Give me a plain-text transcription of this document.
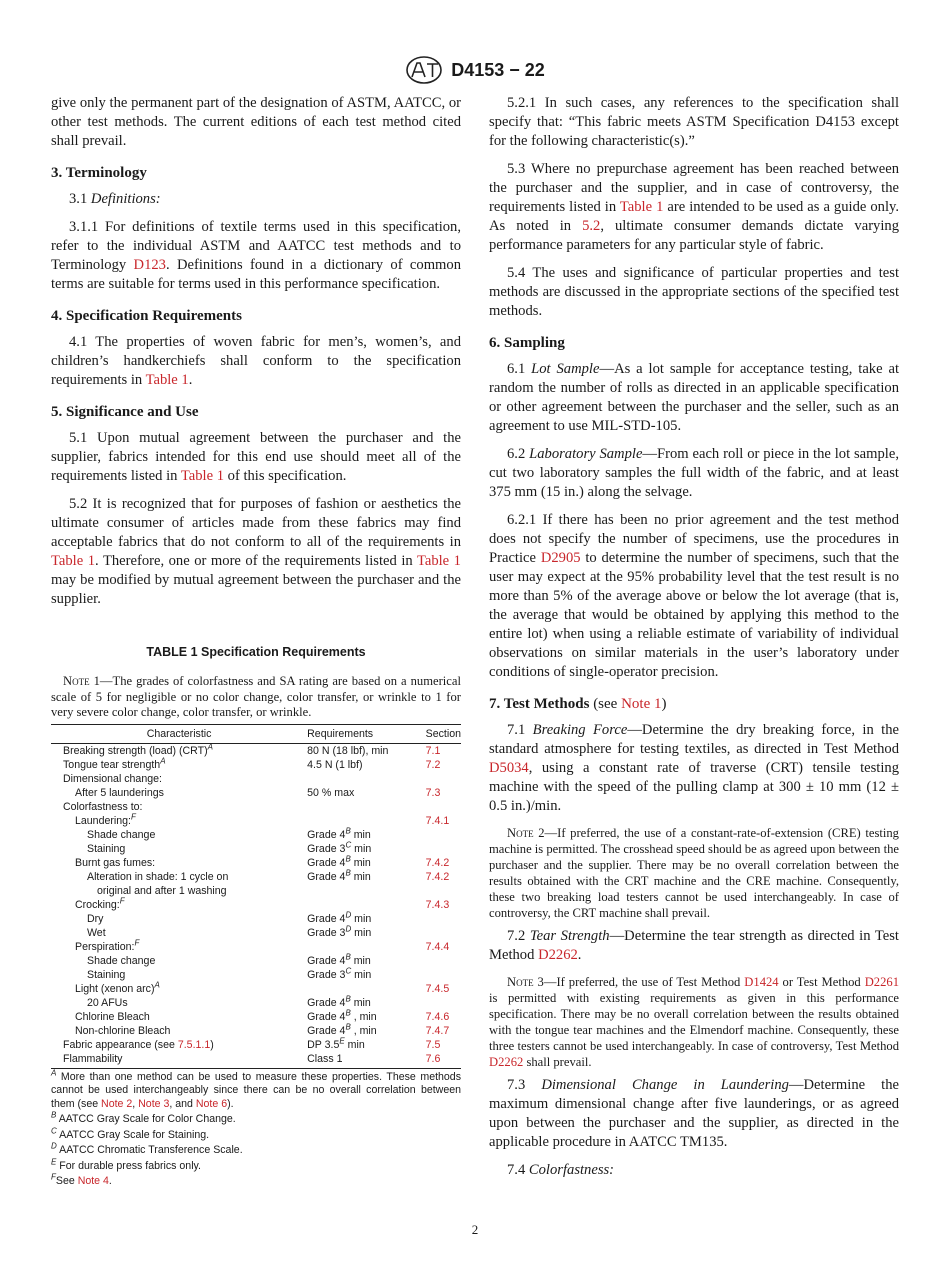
D4153 − 22

give only the permanent part of the designation of ASTM, AATCC, or other test methods. The current editions of each test method cited shall prevail.

3. Terminology

3.1 Definitions:

3.1.1 For definitions of textile terms used in this specification, refer to the individual ASTM and AATCC test methods and to Terminology D123. Definitions found in a dictionary of common terms are suitable for terms used in this performance specification.

4. Specification Requirements

4.1 The properties of woven fabric for men’s, women’s, and children’s handkerchiefs shall conform to the specification requirements in Table 1.

5. Significance and Use

5.1 Upon mutual agreement between the purchaser and the supplier, fabrics intended for this end use should meet all of the requirements listed in Table 1 of this specification.

5.2 It is recognized that for purposes of fashion or aesthetics the ultimate consumer of articles made from these fabrics may find acceptable fabrics that do not conform to all of the requirements in Table 1. Therefore, one or more of the requirements listed in Table 1 may be modified by mutual agreement between the purchaser and the supplier.

TABLE 1 Specification Requirements

Note 1—The grades of colorfastness and SA rating are based on a numerical scale of 5 for negligible or no color change, color transfer, or wrinkle to 1 for very severe color change, color transfer, or wrinkle.

Characteristic	Requirements	Section
Breaking strength (load) (CRT)$^A$	80 N (18 lbf), min	7.1
Tongue tear strength$^A$	4.5 N (1 lbf)	7.2
Dimensional change:		
After 5 launderings	50 % max	7.3
Colorfastness to:		
Laundering:$^F$		7.4.1
Shade change	Grade $4^B$ min	
Staining	Grade $3^C$ min	
Burnt gas fumes:	Grade $4^B$ min	7.4.2
Alteration in shade: 1 cycle on	Grade $4^B$ min	7.4.2
original and after 1 washing		
Crocking:$^F$		7.4.3
Dry	Grade $4^D$ min	
Wet	Grade $3^D$ min	
Perspiration:$^F$		7.4.4
Shade change	Grade $4^B$ min	
Staining	Grade $3^C$ min	
Light (xenon arc)$^A$		7.4.5
20 AFUs	Grade $4^B$ min	
Chlorine Bleach	Grade $4^B$ , min	7.4.6
Non-chlorine Bleach	Grade $4^B$ , min	7.4.7
Fabric appearance (see 7.5.1.1)	DP $3.5^E$ min	7.5
Flammability	Class 1	7.6

$^A$ More than one method can be used to measure these properties. These methods cannot be used interchangeably since there can be no overall correlation between them (see Note 2, Note 3, and Note 6).

$^B$ AATCC Gray Scale for Color Change.

$^C$ AATCC Gray Scale for Staining.

$^D$ AATCC Chromatic Transference Scale.

$^E$ For durable press fabrics only.

$^F$See Note 4.

5.2.1 In such cases, any references to the specification shall specify that: “This fabric meets ASTM Specification D4153 except for the following characteristic(s).”

5.3 Where no prepurchase agreement has been reached between the purchaser and the supplier, and in case of controversy, the requirements listed in Table 1 are intended to be used as a guide only. As noted in 5.2, ultimate consumer demands dictate varying performance parameters for any particular style of fabric.

5.4 The uses and significance of particular properties and test methods are discussed in the appropriate sections of the specified test methods.

6. Sampling

6.1 Lot Sample—As a lot sample for acceptance testing, take at random the number of rolls as directed in an applicable specification or other agreement between the purchaser and the seller, such as an agreement to use MIL-STD-105.

6.2 Laboratory Sample—From each roll or piece in the lot sample, cut two laboratory samples the full width of the fabric, and at least 375 mm (15 in.) along the selvage.

6.2.1 If there has been no prior agreement and the test method does not specify the number of specimens, use the procedures in Practice D2905 to determine the number of specimens, such that the user may expect at the 95% probability level that the test result is no more than 5% of the average above or below the lot average (that is, the average that would be obtained by applying this method to the entire lot) when using a reliable estimate of variability of individual observations on similar materials in the user’s laboratory under conditions of single-operator precision.

7. Test Methods (see Note 1)

7.1 Breaking Force—Determine the dry breaking force, in the standard atmosphere for testing textiles, as directed in Test Method D5034, using a constant rate of traverse (CRT) tensile testing machine with the speed of the pulling clamp at 300 ± 10 mm (12 ± 0.5 in.)/min.

Note 2—If preferred, the use of a constant-rate-of-extension (CRE) testing machine is permitted. The crosshead speed should be as agreed upon between the purchaser and the supplier. There may be no overall correlation between the results obtained with the CRT machine and the CRE machine. Consequently, these two breaking load testers cannot be used interchangeably. In case of controversy, the CRT machine shall prevail.

7.2 Tear Strength—Determine the tear strength as directed in Test Method D2262.

Note 3—If preferred, the use of Test Method D1424 or Test Method D2261 is permitted with existing requirements as given in this performance specification. There may be no overall correlation between the results obtained with the tongue tear machines and the Elmendorf machine. Consequently, these three testers cannot be used interchangeably. In case of controversy, Test Method D2262 shall prevail.

7.3 Dimensional Change in Laundering—Determine the maximum dimensional change after five launderings, or as agreed upon between the purchaser and the supplier, as directed in the applicable procedure in AATCC TM135.

7.4 Colorfastness:

2
